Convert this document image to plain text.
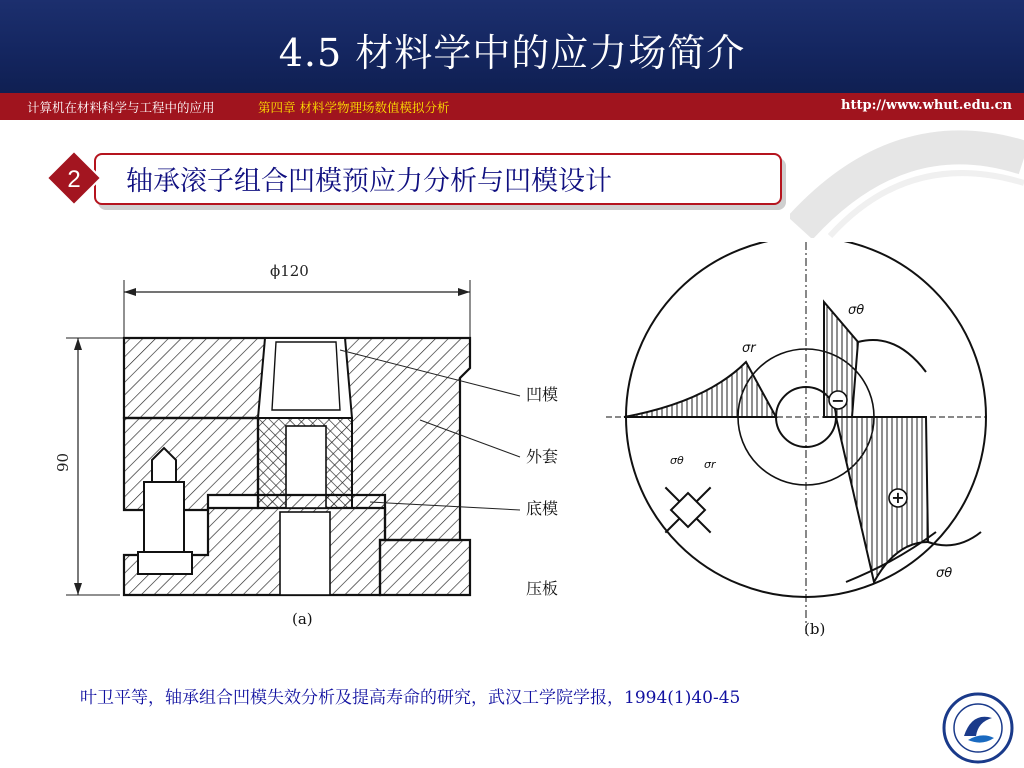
4.5 材料学中的应力场简介
计算机在材料科学与工程中的应用	第四章 材料学物理场数值模拟分析	http://www.whut.edu.cn
2 轴承滚子组合凹模预应力分析与凹模设计
ϕ120
90
凹模
外套
底模
压板
(a)
−
+
σθ
σr
σθ
σθ σr
(b)
叶卫平等，轴承组合凹模失效分析及提高寿命的研究，武汉工学院学报，1994(1)40-45
